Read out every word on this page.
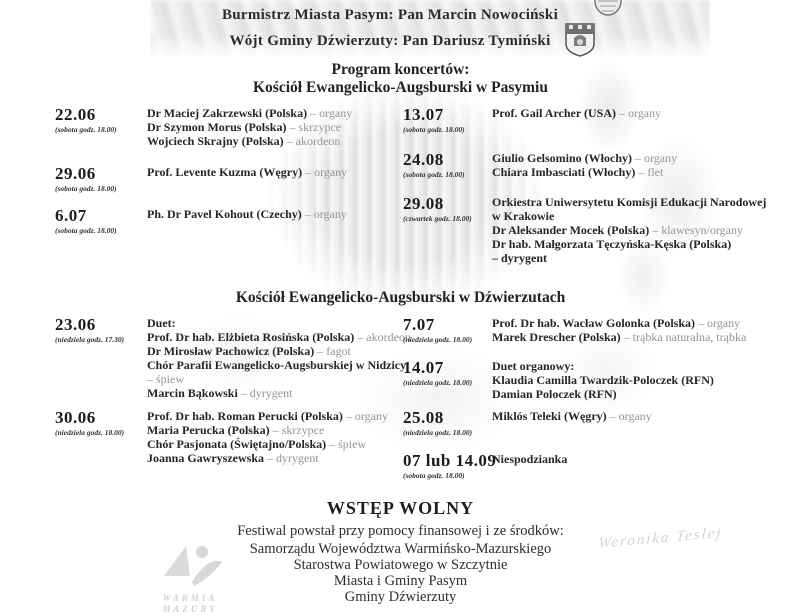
Burmistrz Miasta Pasym: Pan Marcin Nowociński
Wójt Gminy Dźwierzuty: Pan Dariusz Tymiński
Program koncertów:
Kościół Ewangelicko-Augsburski w Pasymiu
Kościół Ewangelicko-Augsburski w Dźwierzutach
22.06
(sobota godz. 18.00)
Dr Maciej Zakrzewski (Polska) – organy
Dr Szymon Morus (Polska) – skrzypce
Wojciech Skrajny (Polska) – akordeon
29.06
(sobota godz. 18.00)
Prof. Levente Kuzma (Węgry) – organy
6.07
(sobota godz. 18.00)
Ph. Dr Pavel Kohout (Czechy) – organy
13.07
(sobota godz. 18.00)
Prof. Gail Archer (USA) – organy
24.08
(sobota godz. 18.00)
Giulio Gelsomino (Włochy) – organy
Chiara Imbasciati (Włochy) – flet
29.08
(czwartek godz. 18.00)
Orkiestra Uniwersytetu Komisji Edukacji Narodowej
w Krakowie
Dr Aleksander Mocek (Polska) – klawesyn/organy
Dr hab. Małgorzata Tęczyńska-Kęska (Polska)
– dyrygent
23.06
(niedziela godz. 17.30)
Duet:
Prof. Dr hab. Elżbieta Rosińska (Polska) – akordeon
Dr Mirosław Pachowicz (Polska) – fagot
Chór Parafii Ewangelicko-Augsburskiej w Nidzicy
– śpiew
Marcin Bąkowski – dyrygent
30.06
(niedziela godz. 18.00)
Prof. Dr hab. Roman Perucki (Polska) – organy
Maria Perucka (Polska) – skrzypce
Chór Pasjonata (Świętajno/Polska) – śpiew
Joanna Gawryszewska – dyrygent
7.07
(niedziela godz. 18.00)
Prof. Dr hab. Wacław Golonka (Polska) – organy
Marek Drescher (Polska) – trąbka naturalna, trąbka
14.07
(niedziela godz. 18.00)
Duet organowy:
Klaudia Camilla Twardzik-Poloczek (RFN)
Damian Poloczek (RFN)
25.08
(niedziela godz. 18.00)
Miklós Teleki (Węgry) – organy
07 lub 14.09
(sobota godz. 18.00)
Niespodzianka
WSTĘP WOLNY
Festiwal powstał przy pomocy finansowej i ze środków:
Samorządu Województwa Warmińsko-Mazurskiego
Starostwa Powiatowego w Szczytnie
Miasta i Gminy Pasym
Gminy Dźwierzuty
WARMIA
MAZURY
Weronika Teslej
